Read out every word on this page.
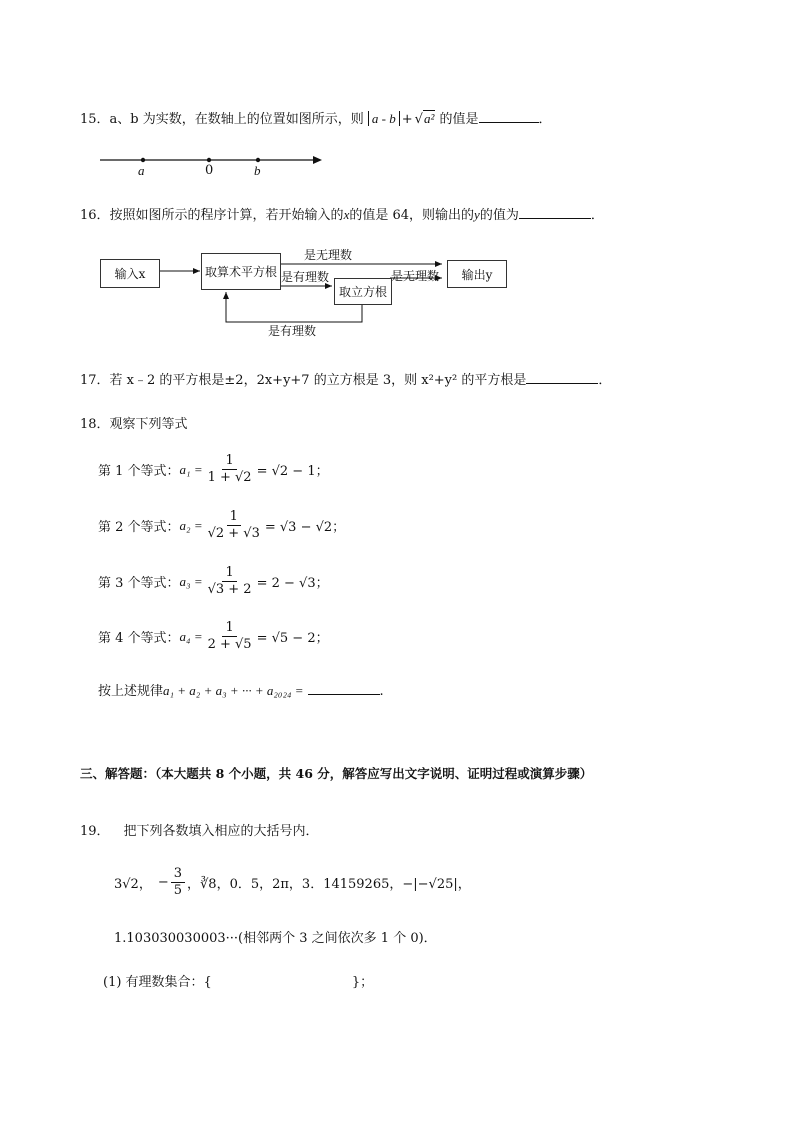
15．a、b 为实数，在数轴上的位置如图所示，则 a - b + √a² 的值是	．
a	0	b
16．按照如图所示的程序计算，若开始输入的x的值是 64，则输出的y的值为	．
输入x	取算术平方根
取立方根
输出y
是无理数
是有理数	是无理数
是有理数
17．若 x﹣2 的平方根是±2，2x+y+7 的立方根是 3，则 x²+y² 的平方根是	．
18．观察下列等式
第 1 个等式： $a_1 = \frac{1}{1 + √2} = √2 - 1$；
第 2 个等式： $a_2 = \frac{1}{√2 + √3} = √3 - √2$；
第 3 个等式： $a_3 = \frac{1}{√3 + 2} = 2 - √3$；
第 4 个等式： $a_4 = \frac{1}{2 + √5} = √5 - 2$；
按上述规律a₁ + a₂ + a₃ + ··· + a₂₀₂₄ =	.
三、解答题：（本大题共 8 个小题，共 46 分，解答应写出文字说明、证明过程或演算步骤）
19． 把下列各数填入相应的大括号内．
3√2， − $\frac{3}{5}$ ，∛8，0．5，2π，3．14159265， −|−√25|，
1.103030030003···(相邻两个 3 之间依次多 1 个 0)．
(1) 有理数集合：{	}；
